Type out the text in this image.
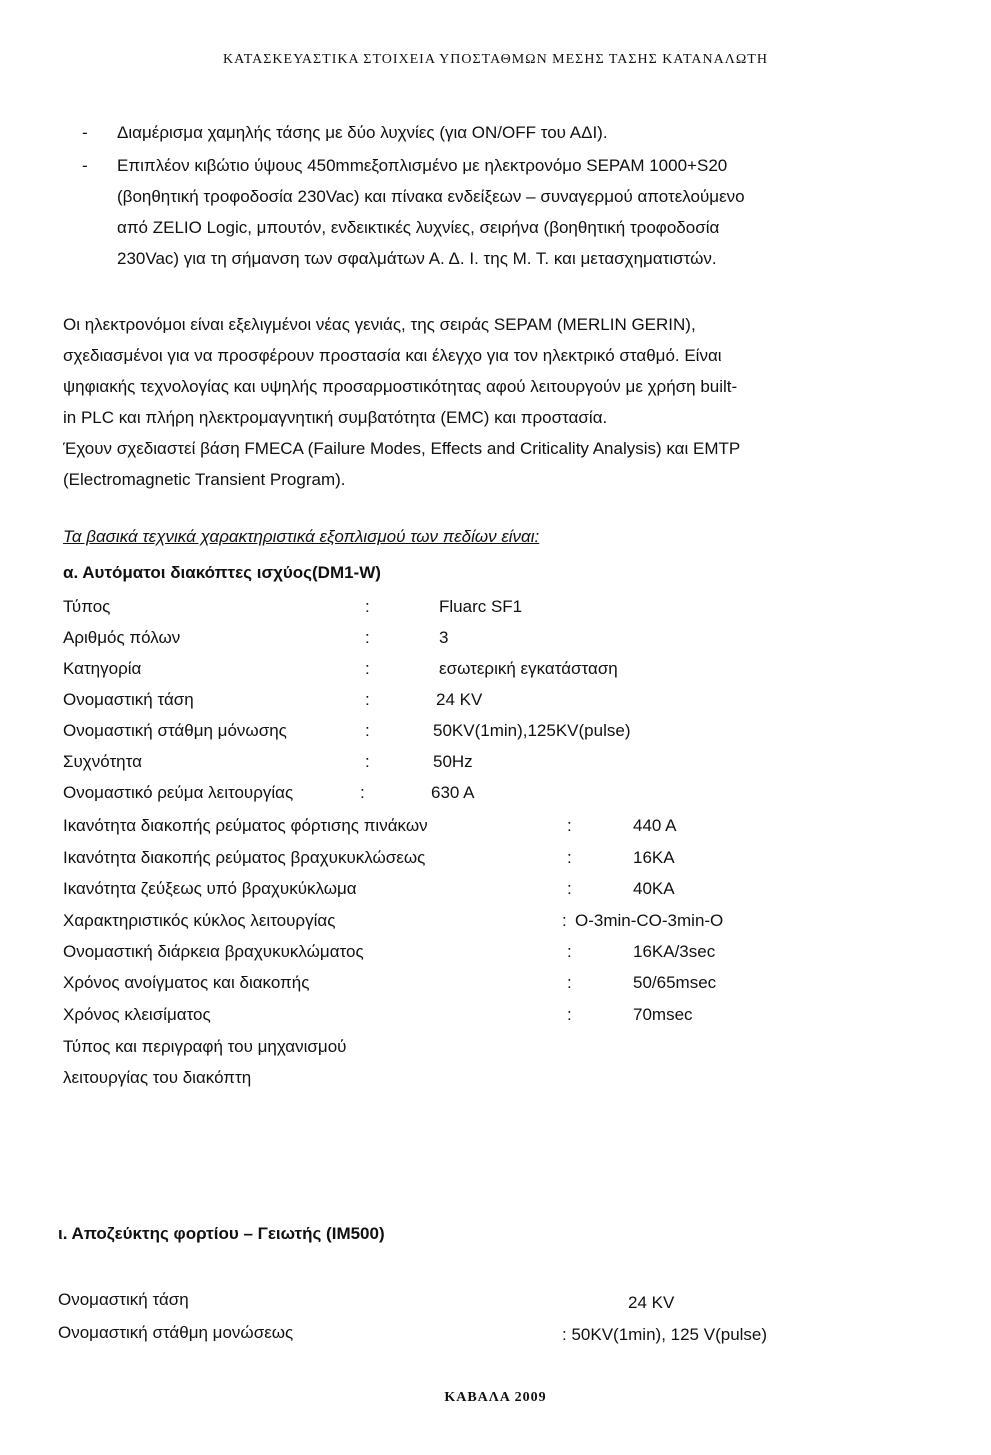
ΚΑΤΑΣΚΕΥΑΣΤΙΚΑ ΣΤΟΙΧΕΙΑ ΥΠΟΣΤΑΘΜΩΝ ΜΕΣΗΣ ΤΑΣΗΣ ΚΑΤΑΝΑΛΩΤΗ
- Διαμέρισμα χαμηλής τάσης με δύο λυχνίες (για ON/OFF του ΑΔΙ).
- Επιπλέον κιβώτιο ύψους 450mmεξοπλισμένο με ηλεκτρονόμο SEPAM 1000+S20
(βοηθητική τροφοδοσία 230Vac) και πίνακα ενδείξεων – συναγερμού αποτελούμενο
από ZELIO Logic, μπουτόν, ενδεικτικές λυχνίες, σειρήνα (βοηθητική τροφοδοσία
230Vac) για τη σήμανση των σφαλμάτων Α. Δ. Ι. της Μ. Τ. και μετασχηματιστών.
Οι ηλεκτρονόμοι είναι εξελιγμένοι νέας γενιάς, της σειράς SEPAM (MERLIN GERIN),
σχεδιασμένοι για να προσφέρουν προστασία και έλεγχο για τον ηλεκτρικό σταθμό. Είναι
ψηφιακής τεχνολογίας και υψηλής προσαρμοστικότητας αφού λειτουργούν με χρήση built-
in PLC και πλήρη ηλεκτρομαγνητική συμβατότητα (EMC) και προστασία.
Έχουν σχεδιαστεί βάση FMECA (Failure Modes, Effects and Criticality Analysis) και EMTP
(Electromagnetic Transient Program).
Τα βασικά τεχνικά χαρακτηριστικά εξοπλισμού των πεδίων είναι:
α. Αυτόματοι διακόπτες ισχύος(DM1-W)
Τύπος	:	Fluarc SF1
Αριθμός πόλων	:	3
Κατηγορία	:	εσωτερική εγκατάσταση
Ονομαστική τάση	:	24 KV
Ονομαστική στάθμη μόνωσης	:	50KV(1min),125KV(pulse)
Συχνότητα	:	50Hz
Ονομαστικό ρεύμα λειτουργίας	:	630 A
Ικανότητα διακοπής ρεύματος φόρτισης πινάκων	:	440 A
Ικανότητα διακοπής ρεύματος βραχυκυκλώσεως	:	16KA
Ικανότητα ζεύξεως υπό βραχυκύκλωμα	:	40KA
Χαρακτηριστικός κύκλος λειτουργίας	: O-3min-CO-3min-O
Ονομαστική διάρκεια βραχυκυκλώματος	:	16KA/3sec
Χρόνος ανοίγματος και διακοπής	:	50/65msec
Χρόνος κλεισίματος	:	70msec
Τύπος και περιγραφή του μηχανισμού
λειτουργίας του διακόπτη
ι. Αποζεύκτης φορτίου – Γειωτής (ΙΜ500)
Ονομαστική τάση	24 KV
Ονομαστική στάθμη μονώσεως	: 50KV(1min), 125 V(pulse)
ΚΑΒΑΛΑ 2009
